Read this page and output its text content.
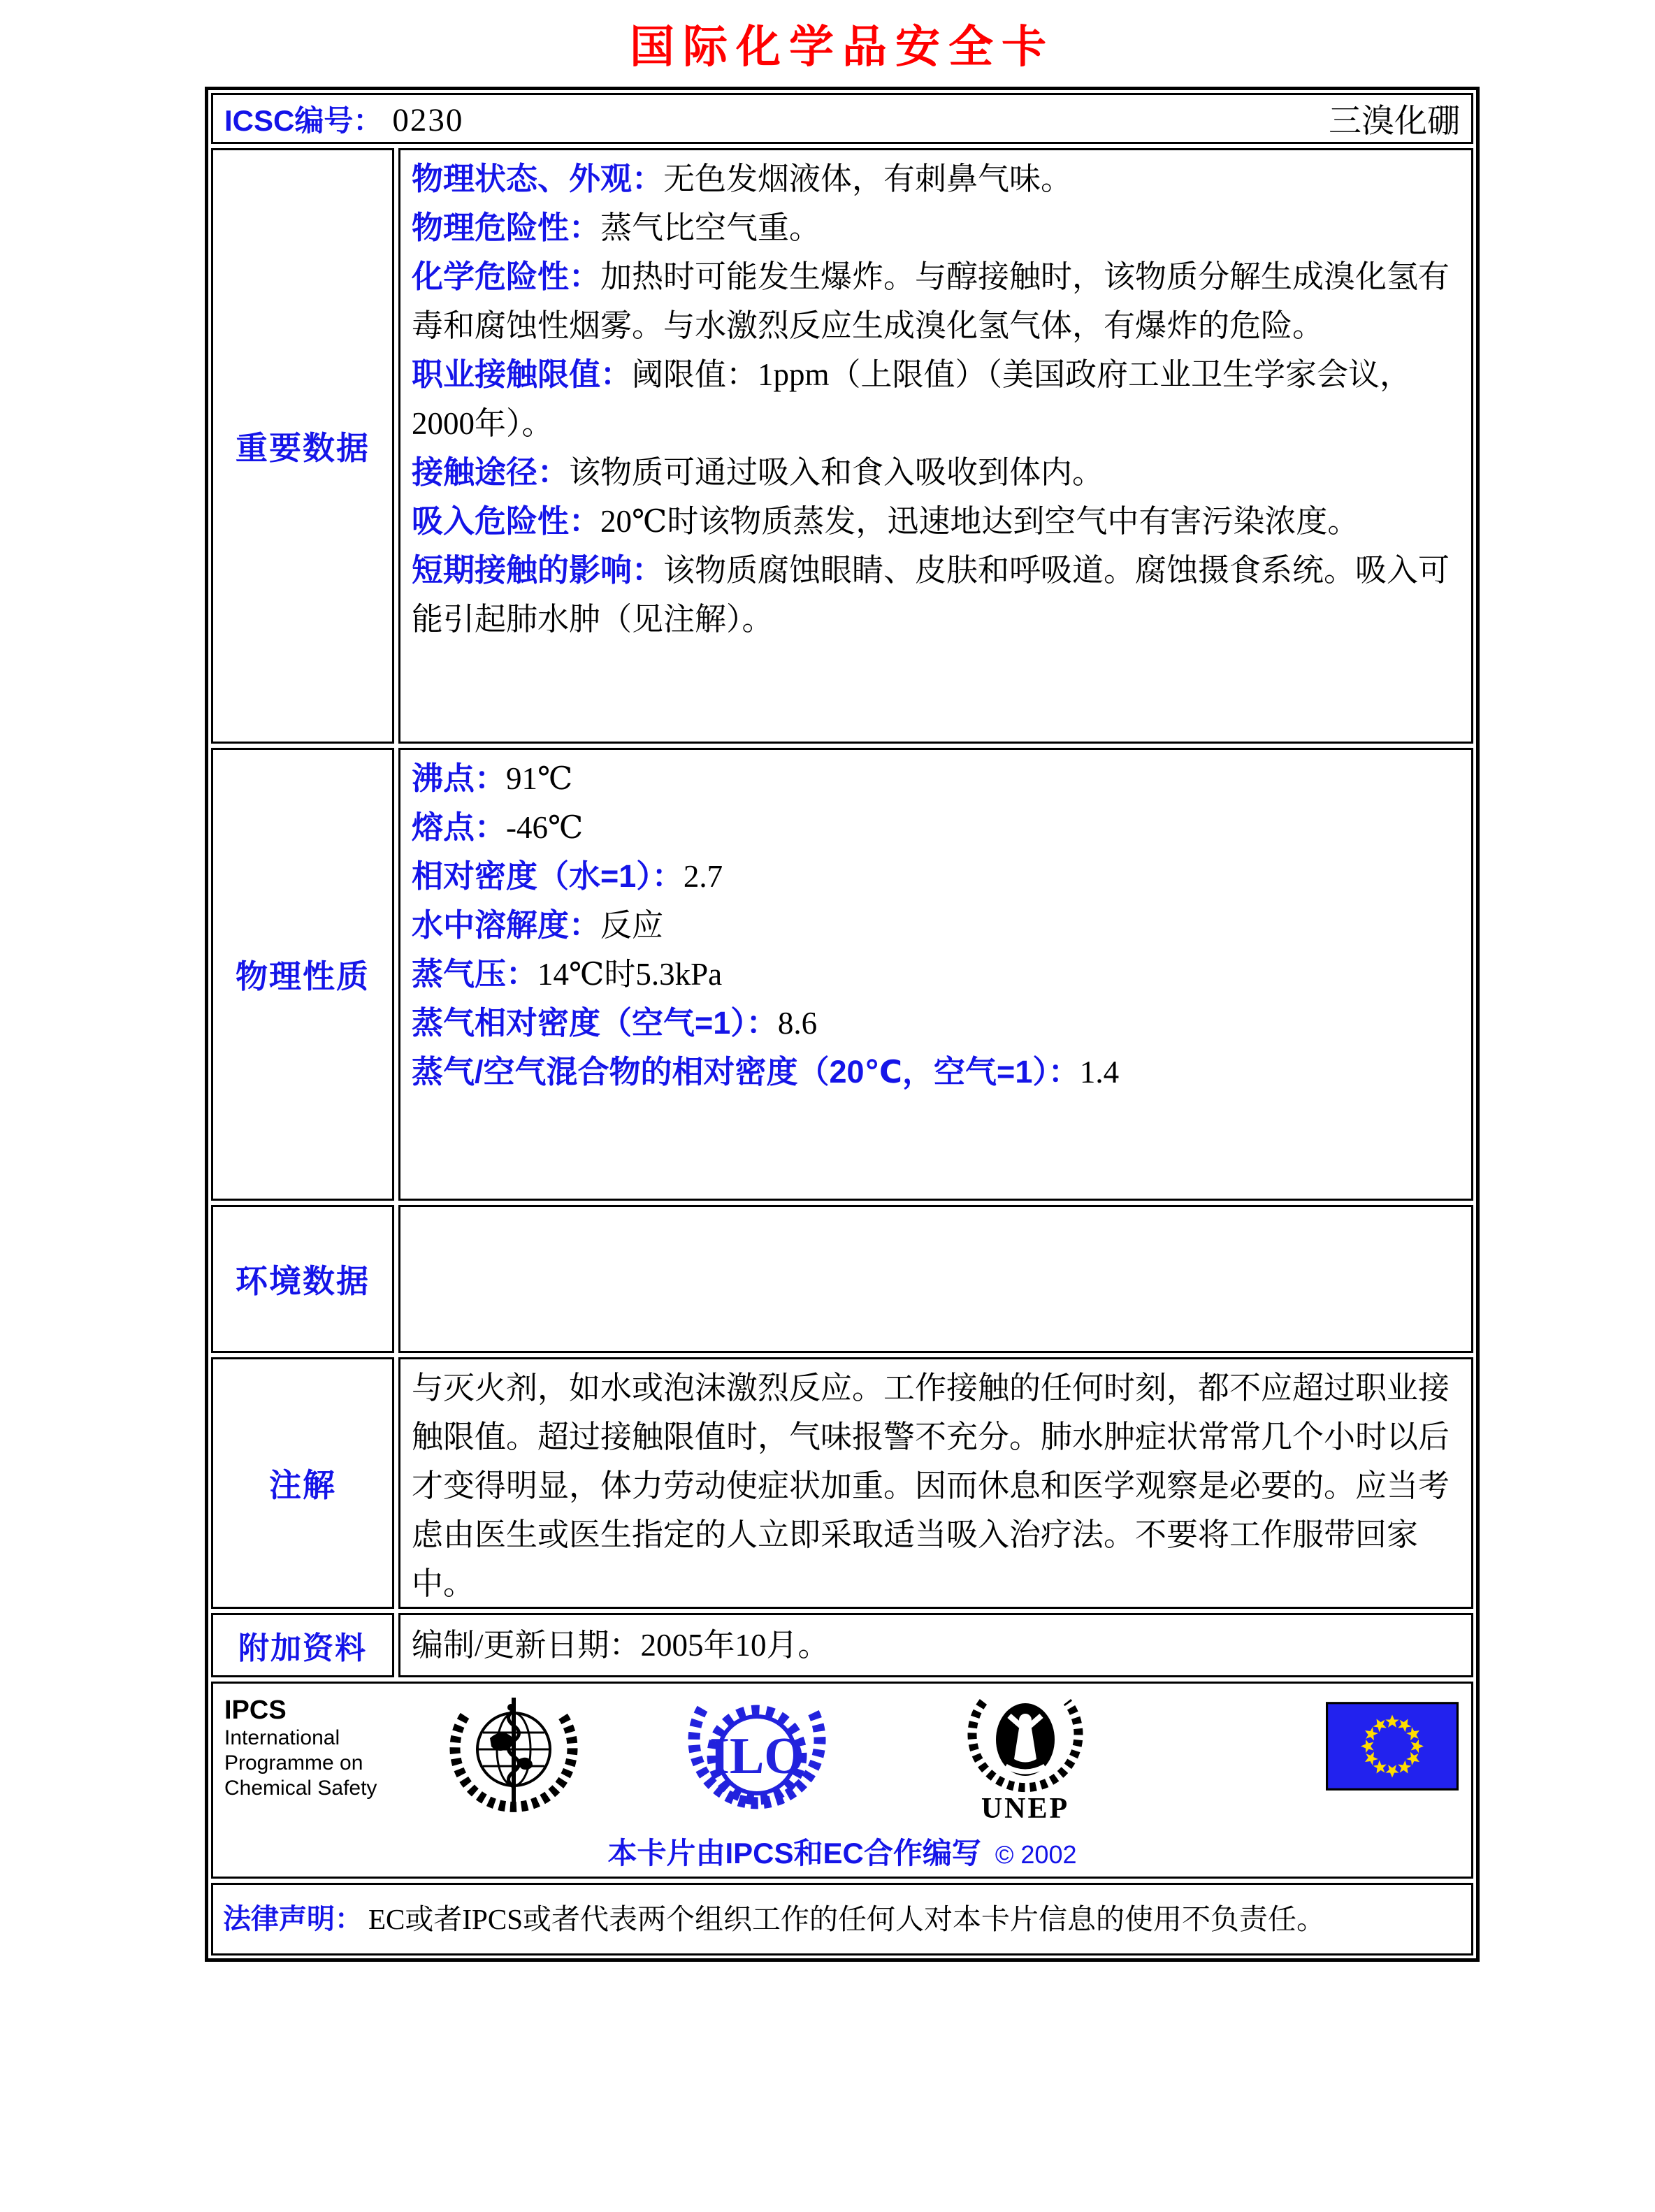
国际化学品安全卡
ICSC编号： 0230	三溴化硼
重要数据

物理状态、外观：无色发烟液体，有刺鼻气味。

物理危险性：蒸气比空气重。

化学危险性：加热时可能发生爆炸。与醇接触时，该物质分解生成溴化氢有毒和腐蚀性烟雾。与水激烈反应生成溴化氢气体，有爆炸的危险。

职业接触限值：阈限值：1ppm（上限值）（美国政府工业卫生学家会议，2000年）。

接触途径：该物质可通过吸入和食入吸收到体内。

吸入危险性：20℃时该物质蒸发，迅速地达到空气中有害污染浓度。

短期接触的影响：该物质腐蚀眼睛、皮肤和呼吸道。腐蚀摄食系统。吸入可能引起肺水肿（见注解）。

物理性质

沸点：91℃

熔点：-46℃

相对密度（水=1）：2.7

水中溶解度：反应

蒸气压：14℃时5.3kPa

蒸气相对密度（空气=1）：8.6

蒸气/空气混合物的相对密度（20℃，空气=1）：1.4

环境数据
注解

与灭火剂，如水或泡沫激烈反应。工作接触的任何时刻，都不应超过职业接触限值。超过接触限值时，气味报警不充分。肺水肿症状常常几个小时以后才变得明显，体力劳动使症状加重。因而休息和医学观察是必要的。应当考虑由医生或医生指定的人立即采取适当吸入治疗法。不要将工作服带回家中。

附加资料 编制/更新日期：2005年10月。

IPCS
International
Programme on
Chemical Safety
ILO
UNEP
本卡片由IPCS和EC合作编写 © 2002
法律声明： EC或者IPCS或者代表两个组织工作的任何人对本卡片信息的使用不负责任。
